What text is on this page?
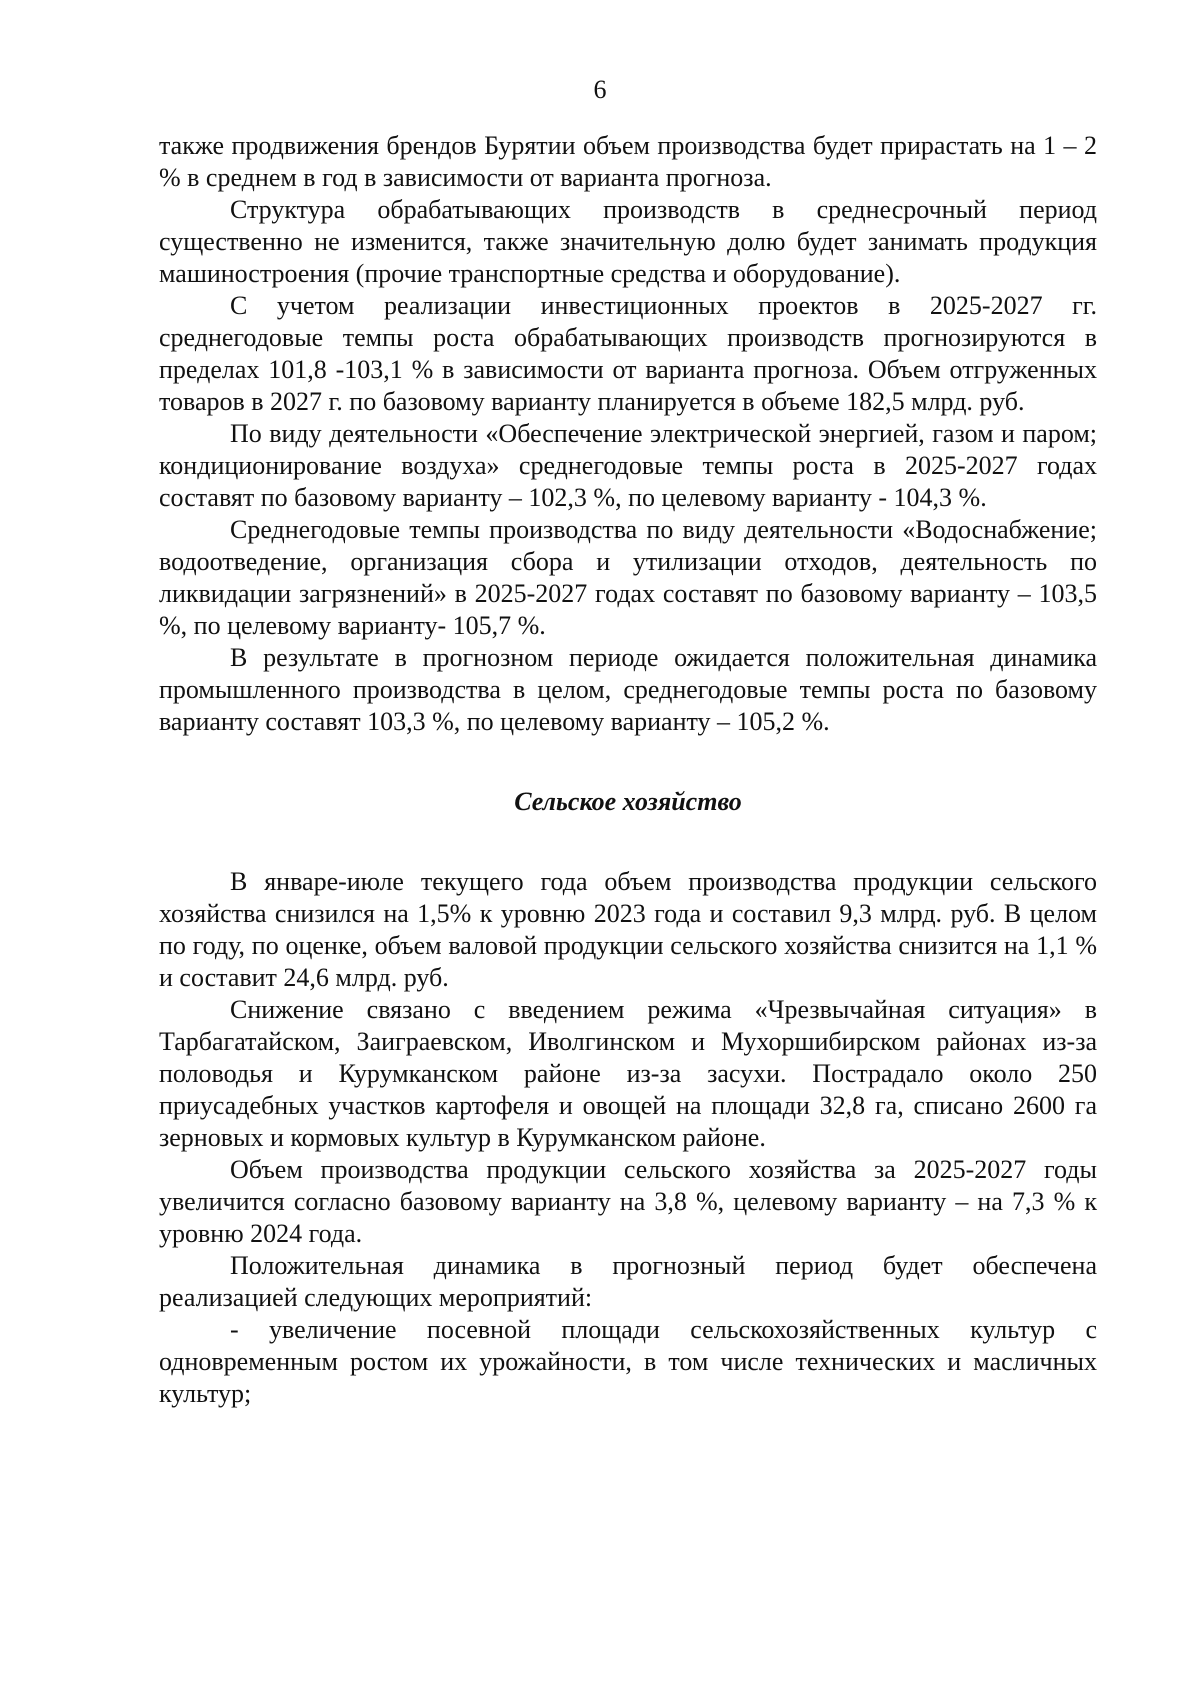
6

также продвижения брендов Бурятии объем производства будет прирастать на 1 – 2 % в среднем в год в зависимости от варианта прогноза.

Структура обрабатывающих производств в среднесрочный период существенно не изменится, также значительную долю будет занимать продукция машиностроения (прочие транспортные средства и оборудование).

С учетом реализации инвестиционных проектов в 2025-2027 гг. среднегодовые темпы роста обрабатывающих производств прогнозируются в пределах 101,8 -103,1 % в зависимости от варианта прогноза. Объем отгруженных товаров в 2027 г. по базовому варианту планируется в объеме 182,5 млрд. руб.

По виду деятельности «Обеспечение электрической энергией, газом и паром; кондиционирование воздуха» среднегодовые темпы роста в 2025-2027 годах составят по базовому варианту – 102,3 %, по целевому варианту - 104,3 %.

Среднегодовые темпы производства по виду деятельности «Водоснабжение; водоотведение, организация сбора и утилизации отходов, деятельность по ликвидации загрязнений» в 2025-2027 годах составят по базовому варианту – 103,5 %, по целевому варианту- 105,7 %.

В результате в прогнозном периоде ожидается положительная динамика промышленного производства в целом, среднегодовые темпы роста по базовому варианту составят 103,3 %, по целевому варианту – 105,2 %.

Сельское хозяйство

В январе-июле текущего года объем производства продукции сельского хозяйства снизился на 1,5% к уровню 2023 года и составил 9,3 млрд. руб. В целом по году, по оценке, объем валовой продукции сельского хозяйства снизится на 1,1 % и составит 24,6 млрд. руб.

Снижение связано с введением режима «Чрезвычайная ситуация» в Тарбагатайском, Заиграевском, Иволгинском и Мухоршибирском районах из-за половодья и Курумканском районе из-за засухи. Пострадало около 250 приусадебных участков картофеля и овощей на площади 32,8 га, списано 2600 га зерновых и кормовых культур в Курумканском районе.

Объем производства продукции сельского хозяйства за 2025-2027 годы увеличится согласно базовому варианту на 3,8 %, целевому варианту – на 7,3 % к уровню 2024 года.

Положительная динамика в прогнозный период будет обеспечена реализацией следующих мероприятий:

- увеличение посевной площади сельскохозяйственных культур с одновременным ростом их урожайности, в том числе технических и масличных культур;
